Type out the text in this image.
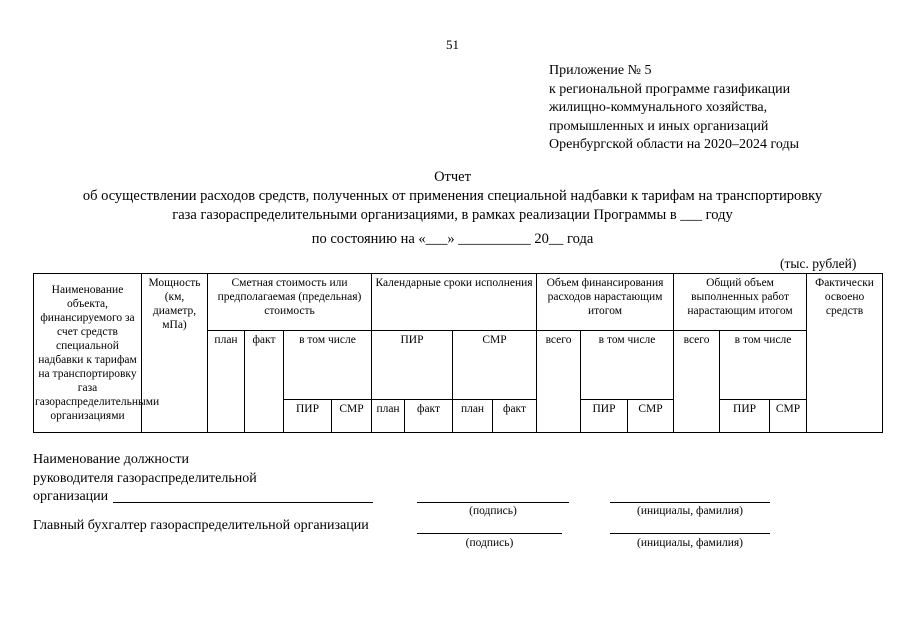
51
Приложение № 5
к региональной программе газификации
жилищно-коммунального хозяйства,
промышленных и иных организаций
Оренбургской области на 2020–2024 годы
Отчет
об осуществлении расходов средств, полученных от применения специальной надбавки к тарифам на транспортировку
газа газораспределительными организациями, в рамках реализации Программы в ___ году
по состоянию на «___» __________ 20__ года
(тыс. рублей)
Наименование объекта, финансируемого за счет средств специальной надбавки к тарифам на транспортировку газа газораспределительными организациями	Мощность (км, диаметр, мПа)	Сметная стоимость или предполагаемая (предельная) стоимость				Календарные сроки исполнения				Объем финансирования расходов нарастающим итогом			Общий объем выполненных работ нарастающим итогом			Фактически освоено средств
		план	факт	в том числе		ПИР		СМР		всего	в том числе		всего	в том числе		
				ПИР	СМР	план	факт	план	факт		ПИР	СМР		ПИР	СМР	
Наименование должности
руководителя газораспределительной
организации
(подпись)	(инициалы, фамилия)
Главный бухгалтер газораспределительной организации
(подпись)	(инициалы, фамилия)
